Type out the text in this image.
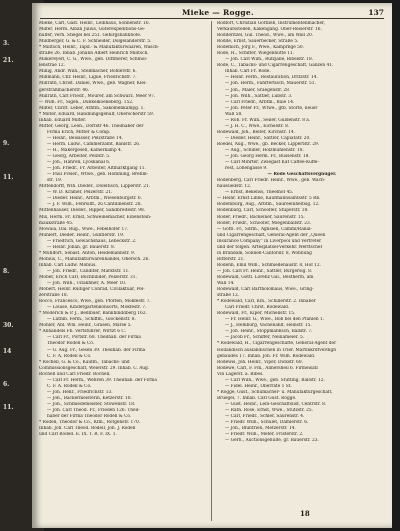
3.
21.
9.
11.
8.
30.
14
6.
11.
Mieke — Rogge.	137
Mieke, Carl, Gast. Heinr., Leihhaus, Sonnenstr. 16.
Milfer, Herm. Alban Julius, Güterexpeditions-Ge-
hülfer, verh. Stiegel bei 251. Gebirgsbahnhofe.
Mildberger, G. & C. F. Schneider, Dolgeländerstr. 5.
* Militsch, Heinr., Tapd.- & Manufakturwaaren, Wasch-
straße 26. Inhab. Johann Albert Heinrich Militsch.
Milkereyerl, C. G., Wwe., geb. Dittmerer, Schmol-
lenstrae 12.
Millig, Andr. Wilh., Stellmacher, Böhlerstr. 6.
Millmann, Chr. Heinr., Ligue, Friedrichstr. 7.
Millrath, Christ. Daniel, Wwe., geb. Wagner, Klei-
gerstraßmacherstr. 46.
Millrath, Carl Friedr., Mourer, am Schwarz. Meer 97.
— Wilh. Fr., Sigen., Dunkelkoeneberg. 152.
Milter, Chrift. Leber, Arbtm., Sakomenkampg. 1.
* Milter, Eduard, Handlungsgehülf, Oberscherstr 59.
Inhab. Eduard Milter.
Mitter, Georg, Leon., Dorfstr 46. Theilhaber der
Firma Erich, Mitter & Comp.
— Heinr., Beisasser, Pelzstraße 14.
— Herm. Ludw., Cammerzamt, Banlstr. 26.
— H., Makergesell, Kamerkamp 4.
— Georg, Arbeiter, Pelzstr. 5.
— Joh., Hahren, Lyoskanal 6.
— Joh. Friedr., Fr. Arbeiter, Altmarktgang 11.
— Paul Freier., Wtwe., geb. Homming, Brehm-
str. 19.
Mittendorff, Wlh. Dieder., Doleltisch, Lipperstr. 21.
— W. D. Krämer, Pelzerstr. 21.
— Dieder. Heinr., Arbtm., Wiesenburgstr. 6.
— J. F. Wilh., Fehrsilff., zu Cantilinenstr. 28.
Mittenhäuser, Dieder., Ripper, Sandbreitestr. 98.
Mix, Herm. Fr. Ernst, Schweinemacher, Eibenstein-
maukstraße 45.
Mowaia, Dal. Rug., Wwe., Febelhöfer 17.
Muhlert, Dieder. Heinr., Güntlerstr. 19.
— Friedrich, Gewachshaus, Lebeckstr. 2.
— Heinr. Johan, gr. Bauerstr. 8.
* Mühlfort, Sebast. Anton, Heidemannstr. 9.
Möbius, C., Manufakturwarenhandel, Obersch. 26.
Inhab. Carl Ludw. Möbius.
— Joh. Friedr., Canditer, Marktstr. 11.
Mober, Erich Carl, Buchbinder, Pelzerstr. 31.
— Joh. Wilh., Uitäkhner, A. Meer 10.
Mobert, Heinr. Rüdiger Conrad, Civilaktuar, Pel-
zerstraße 18.
Rocco, Francesco, Wwe., geb. Pforten, Mokfestr. 7.
— Louise, Kindergartenkonsorts, Mokfestr. 7.
* Moderich & P. J., Bedlbuer, Bankhinddberg 162.
— Luthm. Ferm., Schiffm., Glockenstr. 8.
Mohler, Abl. Wm. Heinr., Gräsen, Marse 5.
* Abhandels Fb. Vertsführer, Wirtzt 6 C.
— Carl Fr., Portsfr. 68. Theilhab. der Firma
Theodor Rodell & Co.
— G. Aug. Fr., Gesen 39. Theilhab. der Firma
C. F. A. Rodell & Co.
* Rochell, G. & Co., Kaufm., Tabacks- und
Commissionsgeschäft, Weierstr. 29. Inhab. C. Aug.
Rochell und Carl Friedr. Rochell.
— Carl Fr. Herm., Wehren 39. Theilhab. der Firma
C. F. A. Rodell & Co.
— Joh. Henr., Friedrichstr. 13.
— Joh., Bäckermeisterin, Ketzerstr. 10.
— Joh., Schmiedemeister, Stöwenstr. 18.
— Joh. Carl Theod. Fr., Frieden 126. Theil-
haber der Firma Theodor Rodell & Co.
* Rodell, Theodor & Co., Kfm., Rötgenstr. 170.
Inhab. Joh. Carl Theod. Rodell, Joh. J. Rodell
und Carl Rodell. E. IX. T. R. F. IX. 1.
Rodfort, Christian Gottlieb, Instrumentenmacher,
Verkaufsstellen, Kakengang. Ober-Reiserstr. 16.
Rodderitzel, Gul. Theod., Wwe., am Wall 20.
Rödde, Ernst, Sauerbecker, Straße 5.
Rodemich, Jörg F., Wwe., Kamprnge 50.
Rode, H., Schiffer, Wiegenhütte 11.
— Joh. Carl Wilh., Rufzjalle, Bibelstr. 18.
Rode, C., Tabacks- und Cigarrengeschäft, Ganzen 41.
Inhab. Carl Fr. Rode.
— Heinr. Ferm., Restauration, Dritzstr. 14.
— Joh. Herm., Fahrfertisch, Mauerstr. 51.
— Joh., Maler, Sraegenstr. 28.
— Joh. Wilh., Sattler, Lubstr. 3.
— Carl Friedr., Arbtm., Baie 14.
— Joh. Peter Fr., Wtwe., gtb. Störte, neuer
Wall 58.
— Rob. Fr. Wilh., Seiler, Güldenstr. 8 a.
— J. H. C., Wwe., Eichelstr. 8.
Rodewald, Joh., Reiter, Kirchstr. 14.
— Dieder. Heinr., Sattler, Capiatatr. 20.
Roedel, Aug., Wwe., gb. Becker, Lippertstr. 29.
— Aug., Schiller, Holzmühlenstr. 18.
— Joh. Georg Herm. Fr., Bussenstr. 18.
— Carl Mihrter, Zwiegast Kat Caffee-Kuffe-
rest, Lohengasse 9.
— Rode Geschäftsvergnüger.
Rodenberg, Carl Friedr. Heinr., Wwe., geb. Wach-
haussiedstr. 12.
— Ernst, Bekenss, Theelhof 45.
— Heinr. Ernst Lihne, Kaufmannsamtsstr. 5 Rb.
Rodemburg, Aug., Arbtm., Saureeinheitsig. 12.
Rodenbarg, Carl, Schoofler, Stuperstr. 18.
Roder, Friedr., Backeiner, Saurenstr. 15.
Roder, Friedr., Schoofer, Miegenballstr. 23.
— Gottl. Fr., Sdrm., Ägnsien, Cammi/Ranal-
und Cigarrengeschäft, General-Agent der „Queen
Insurance Company“ in Liverpool und Vertreter
und der folgen. Artesplatsel-Verkehr. Werftschef
in Brandam, Sonnen-Cantorslr. 8, Wohnung
Ritterstr. 21.
Rodenh, Emil Wilh., Schmiedehaustr. 8, Hof 12.
— Joh. Carl Fr. Heinr., Sattler, Bürgersig. 8.
Rodewald, Gottl. Lorenz Gul., Bestherm, am
Wall 14.
Rodewald, Carl Bartholomäus, Wwe., Gring-
straße 12.
* Rodewald, Carl, Km., Schillerstr. 2. Inhaber
Carl Friedr. Chrst. Rodewald.
Rodewald, Fr., Kiper, Michelistr. 15.
— Fr. Heinr. G., Wwe., Böb bei den Pfählen 1.
— J., Hemburg, Vachenahlf, Heinstr. 15.
— Joh. Heinr., Stoppmannsch, Ballstr. 7.
— Jacob Fr., Schiffer, Neinameier. 5.
* Rodewald, H., Cigarrengeschäfte, General-Agent der
Holländisch ausländischen in Trier. Martinkrdtverdigh
gebäudes 17. Inhab. Joh. Fr. Wilh. Rodewald.
Rodewis, Joh. Heinr., Viper, Dickstr. 60.
Rodewe, Carl, F. Fm., Almersheil 6. Firmeisatl
Vin Lagerst. a. Bibes.
— Carl Wilh., Wwe., geb. Stütting, Ballstr. 12.
— Fidel. Heinr., Oberrate 1 St.
* Rogge, Gust., Schumacher- u. Manufakturgeschäft,
Bruegel, 7. Inhab. Carl Gust. Rogge.
— Gust. Heinr., Lein-Geschäftslist, Centrstr. 8.
— Ratn. Rose, Ernst, Wwe., Stutzstr. 25.
— Carl, Friedr., Schler, Saurenstr. 4.
— Friedr. Wilh., Schulet, Dämlerstr. 6.
— Joh., Blubtrien, Metzerstr. 14.
— Friedr. Wilh., Meter, Fristerstr. 2.
— Gerh., Auctionsgehülfe, gr. Bauerstr. 23.
18
